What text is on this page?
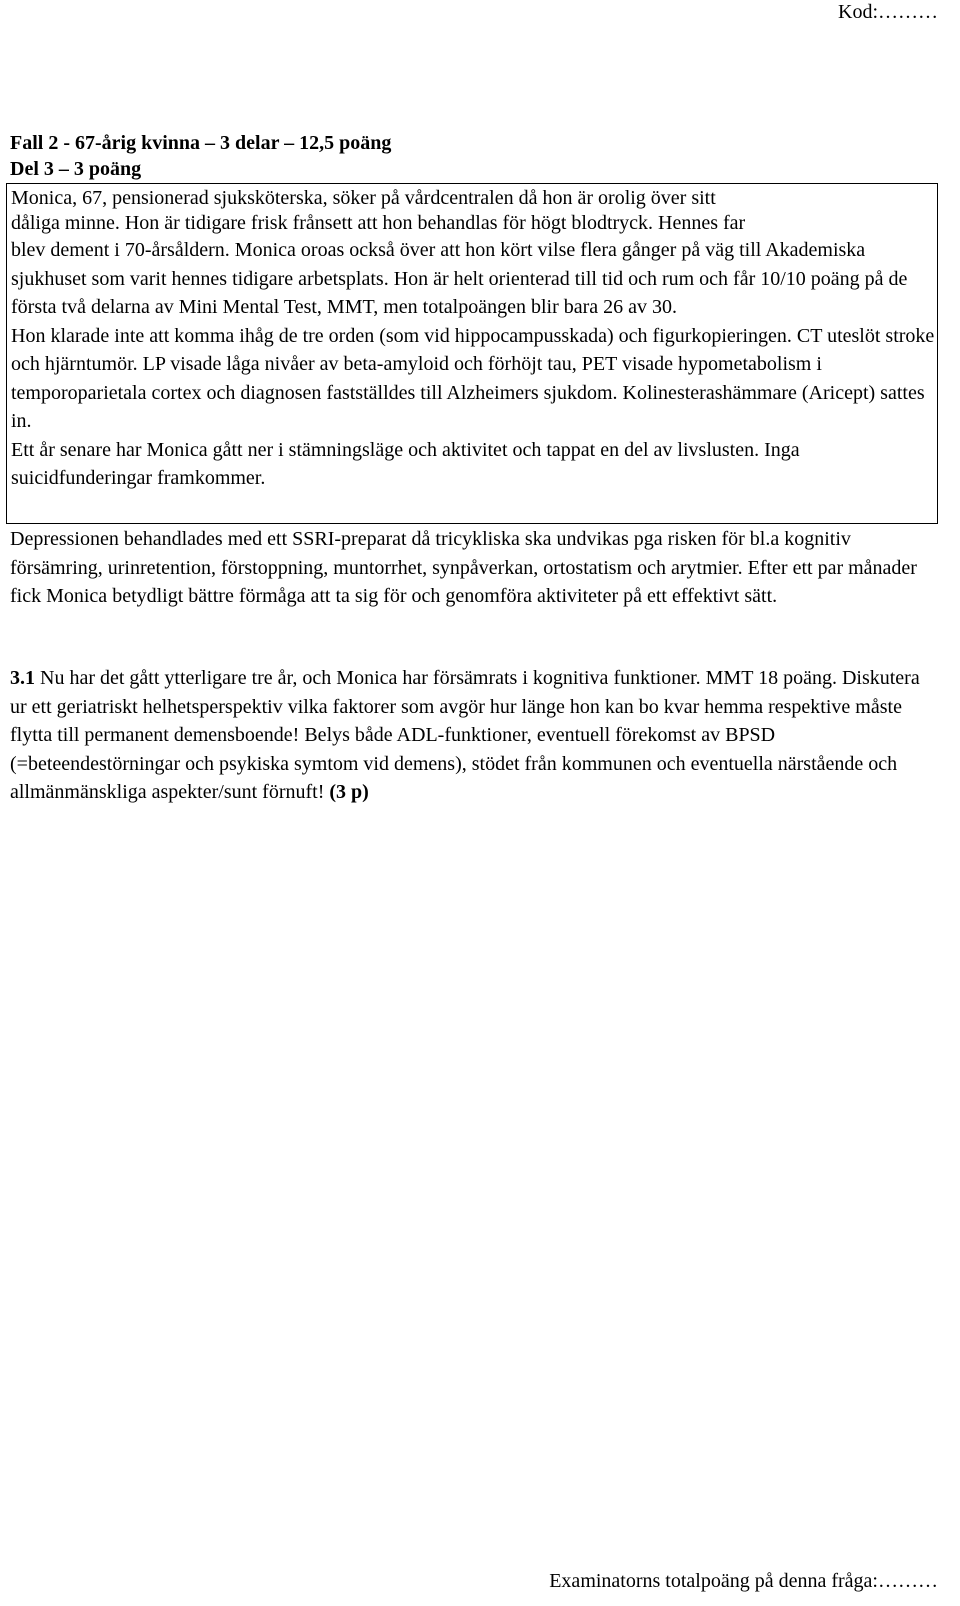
Kod:………
Fall 2 - 67-årig kvinna – 3 delar – 12,5 poäng
Del 3 – 3 poäng

Monica, 67, pensionerad sjuksköterska, söker på vårdcentralen då hon är orolig över sitt

dåliga minne. Hon är tidigare frisk frånsett att hon behandlas för högt blodtryck. Hennes far

blev dement i 70-årsåldern. Monica oroas också över att hon kört vilse flera gånger på väg till Akademiska sjukhuset som varit hennes tidigare arbetsplats. Hon är helt orienterad till tid och rum och får 10/10 poäng på de första två delarna av Mini Mental Test, MMT, men totalpoängen blir bara 26 av 30.

Hon klarade inte att komma ihåg de tre orden (som vid hippocampusskada) och figurkopieringen. CT uteslöt stroke och hjärntumör. LP visade låga nivåer av beta-amyloid och förhöjt tau, PET visade hypometabolism i temporoparietala cortex och diagnosen fastställdes till Alzheimers sjukdom. Kolinesterashämmare (Aricept) sattes in.

Ett år senare har Monica gått ner i stämningsläge och aktivitet och tappat en del av livslusten. Inga suicidfunderingar framkommer.

Depressionen behandlades med ett SSRI-preparat då tricykliska ska undvikas pga risken för bl.a kognitiv försämring, urinretention, förstoppning, muntorrhet, synpåverkan, ortostatism och arytmier. Efter ett par månader fick Monica betydligt bättre förmåga att ta sig för och genomföra aktiviteter på ett effektivt sätt.

3.1 Nu har det gått ytterligare tre år, och Monica har försämrats i kognitiva funktioner. MMT 18 poäng. Diskutera ur ett geriatriskt helhetsperspektiv vilka faktorer som avgör hur länge hon kan bo kvar hemma respektive måste flytta till permanent demensboende! Belys både ADL-funktioner, eventuell förekomst av BPSD (=beteendestörningar och psykiska symtom vid demens), stödet från kommunen och eventuella närstående och allmänmänskliga aspekter/sunt förnuft! (3 p)

Examinatorns totalpoäng på denna fråga:………
